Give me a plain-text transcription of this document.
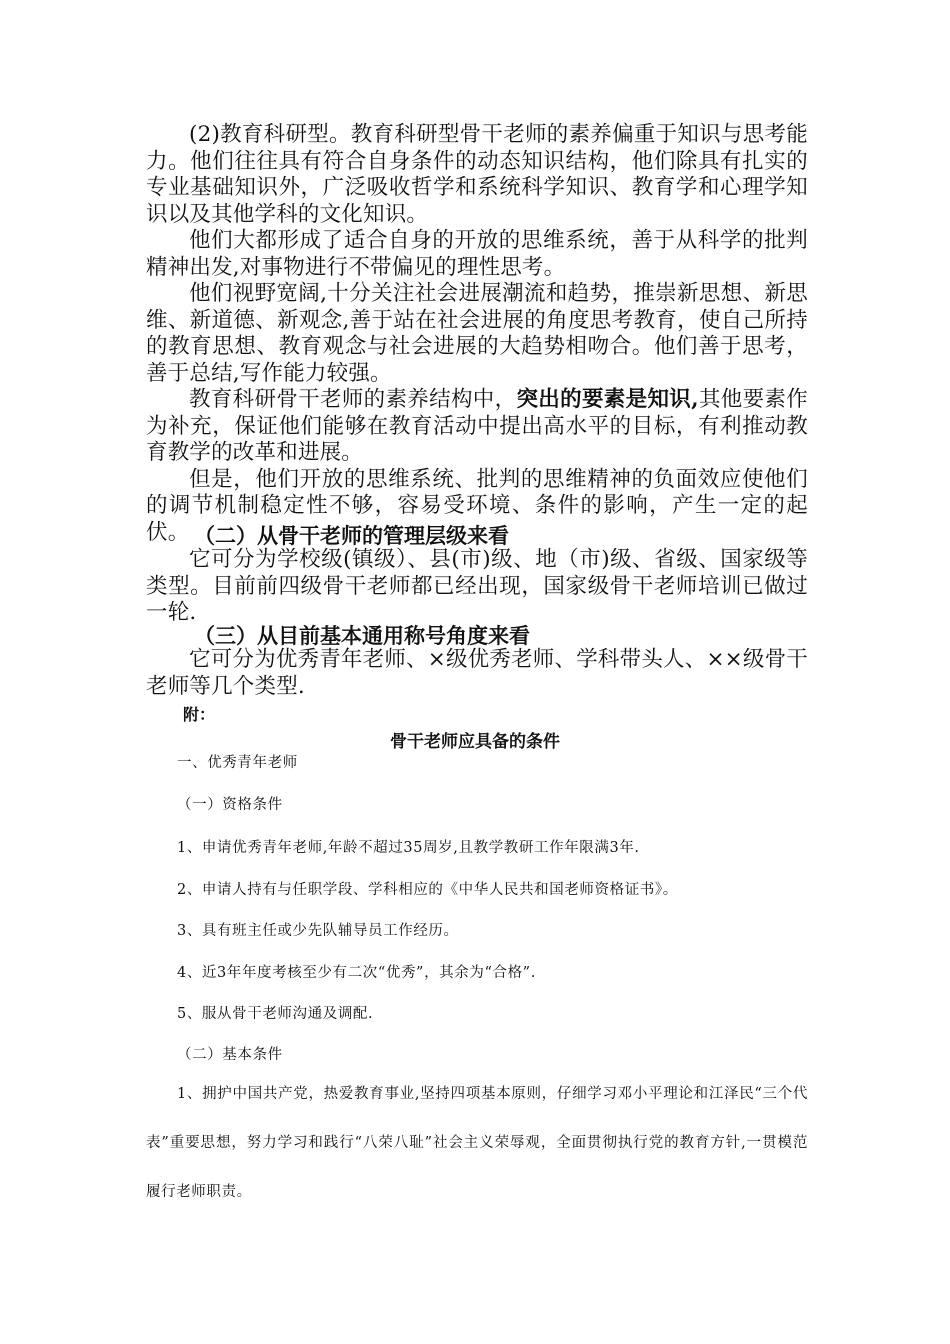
(2)教育科研型。教育科研型骨干老师的素养偏重于知识与思考能力。他们往往具有符合自身条件的动态知识结构，他们除具有扎实的专业基础知识外，广泛吸收哲学和系统科学知识、教育学和心理学知识以及其他学科的文化知识。

他们大都形成了适合自身的开放的思维系统，善于从科学的批判精神出发,对事物进行不带偏见的理性思考。

他们视野宽阔,十分关注社会进展潮流和趋势，推崇新思想、新思维、新道德、新观念,善于站在社会进展的角度思考教育，使自己所持的教育思想、教育观念与社会进展的大趋势相吻合。他们善于思考，善于总结,写作能力较强。

教育科研骨干老师的素养结构中，突出的要素是知识,其他要素作为补充，保证他们能够在教育活动中提出高水平的目标，有利推动教育教学的改革和进展。

但是，他们开放的思维系统、批判的思维精神的负面效应使他们的调节机制稳定性不够，容易受环境、条件的影响，产生一定的起伏。 （二）从骨干老师的管理层级来看

它可分为学校级(镇级）、县(市)级、地（市)级、省级、国家级等类型。目前前四级骨干老师都已经出现，国家级骨干老师培训已做过一轮.

（三）从目前基本通用称号角度来看

它可分为优秀青年老师、×级优秀老师、学科带头人、××级骨干老师等几个类型.

附：
骨干老师应具备的条件
一、优秀青年老师
（一）资格条件
1、申请优秀青年老师,年龄不超过35周岁,且教学教研工作年限满3年.
2、申请人持有与任职学段、学科相应的《中华人民共和国老师资格证书》。
3、具有班主任或少先队辅导员工作经历。
4、近3年年度考核至少有二次“优秀”，其余为“合格”.
5、服从骨干老师沟通及调配.
（二）基本条件
1、拥护中国共产党，热爱教育事业,坚持四项基本原则，仔细学习邓小平理论和江泽民“三个代表”重要思想，努力学习和践行“八荣八耻”社会主义荣辱观，全面贯彻执行党的教育方针,一贯模范履行老师职责。
